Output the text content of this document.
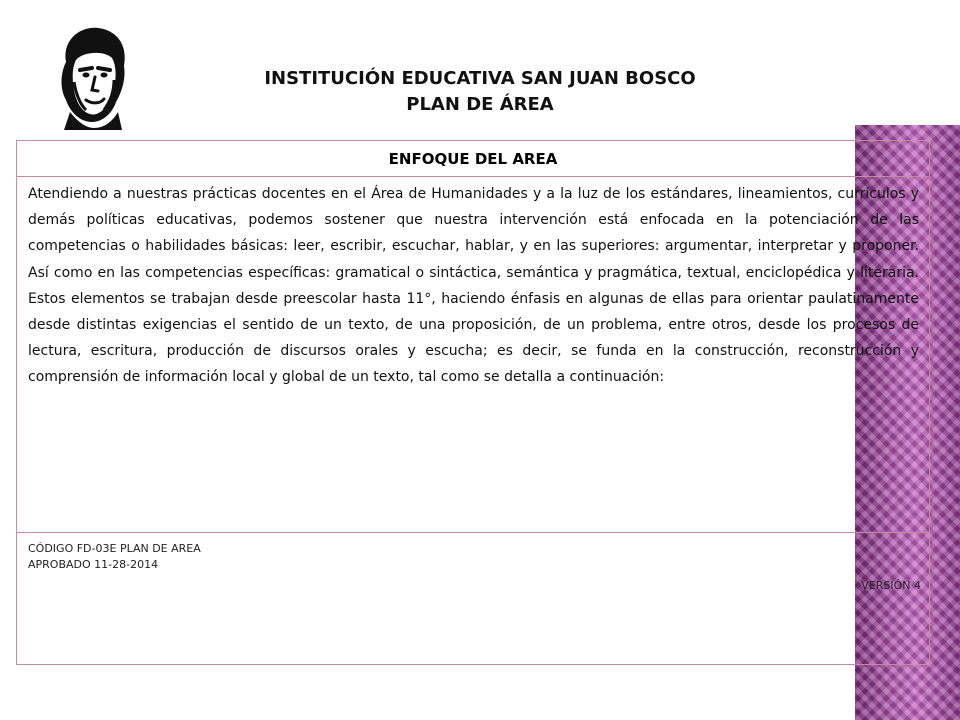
INSTITUCIÓN EDUCATIVA SAN JUAN BOSCO
PLAN DE ÁREA
ENFOQUE DEL AREA

Atendiendo a nuestras prácticas docentes en el Área de Humanidades y a la luz de los estándares, lineamientos, currículos y demás políticas educativas, podemos sostener que nuestra intervención está enfocada en la potenciación de las competencias o habilidades básicas: leer, escribir, escuchar, hablar, y en las superiores: argumentar, interpretar y proponer. Así como en las competencias específicas: gramatical o sintáctica, semántica y pragmática, textual, enciclopédica y literaria. Estos elementos se trabajan desde preescolar hasta 11°, haciendo énfasis en algunas de ellas para orientar paulatinamente desde distintas exigencias el sentido de un texto, de una proposición, de un problema, entre otros, desde los procesos de lectura, escritura, producción de discursos orales y escucha; es decir, se funda en la construcción, reconstrucción y comprensión de información local y global de un texto, tal como se detalla a continuación:

CÓDIGO FD-03E PLAN DE AREA
APROBADO 11-28-2014
VERSIÓN 4
